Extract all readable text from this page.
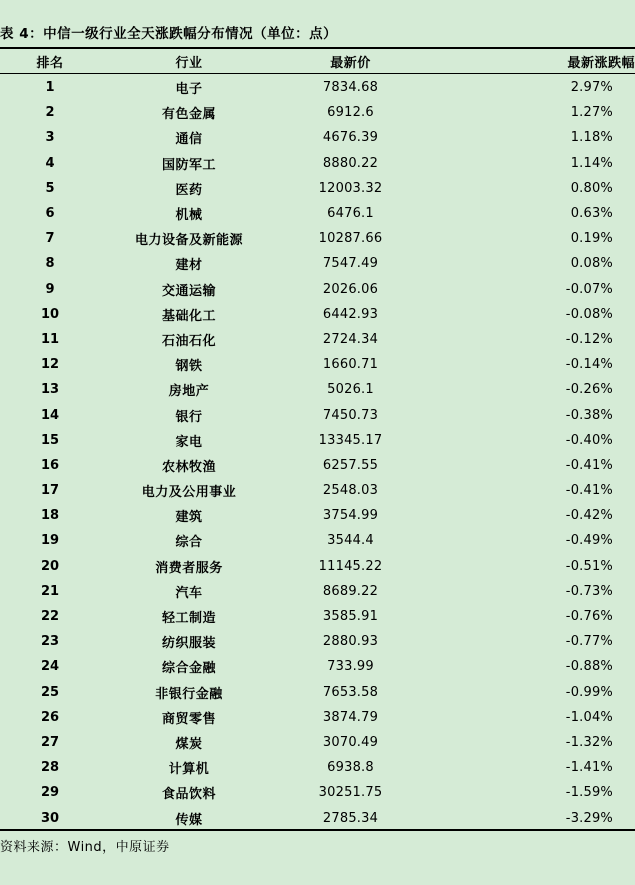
表 4：中信一级行业全天涨跌幅分布情况（单位：点）
排名	行业	最新价	最新涨跌幅
1	电子	7834.68	2.97%
2	有色金属	6912.6	1.27%
3	通信	4676.39	1.18%
4	国防军工	8880.22	1.14%
5	医药	12003.32	0.80%
6	机械	6476.1	0.63%
7	电力设备及新能源	10287.66	0.19%
8	建材	7547.49	0.08%
9	交通运输	2026.06	-0.07%
10	基础化工	6442.93	-0.08%
11	石油石化	2724.34	-0.12%
12	钢铁	1660.71	-0.14%
13	房地产	5026.1	-0.26%
14	银行	7450.73	-0.38%
15	家电	13345.17	-0.40%
16	农林牧渔	6257.55	-0.41%
17	电力及公用事业	2548.03	-0.41%
18	建筑	3754.99	-0.42%
19	综合	3544.4	-0.49%
20	消费者服务	11145.22	-0.51%
21	汽车	8689.22	-0.73%
22	轻工制造	3585.91	-0.76%
23	纺织服装	2880.93	-0.77%
24	综合金融	733.99	-0.88%
25	非银行金融	7653.58	-0.99%
26	商贸零售	3874.79	-1.04%
27	煤炭	3070.49	-1.32%
28	计算机	6938.8	-1.41%
29	食品饮料	30251.75	-1.59%
30	传媒	2785.34	-3.29%
资料来源：Wind，中原证券
